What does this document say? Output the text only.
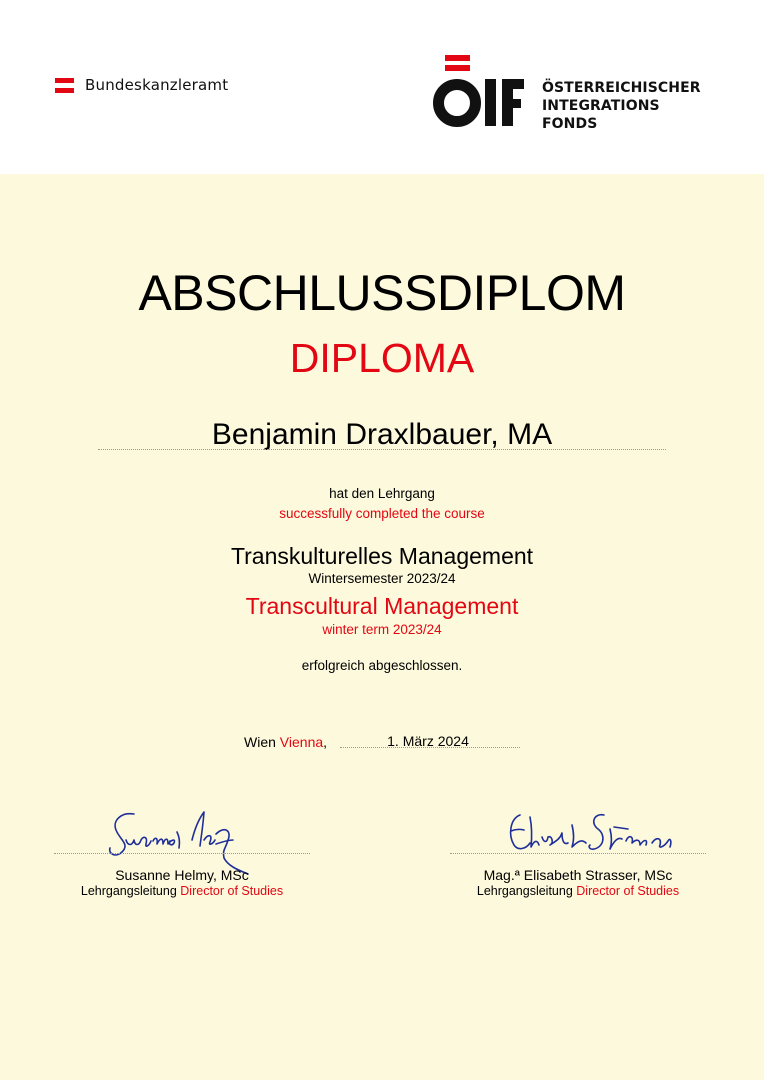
Bundeskanzleramt	ÖSTERREICHISCHER
INTEGRATIONS
FONDS
ABSCHLUSSDIPLOM
DIPLOMA
Benjamin Draxlbauer, MA
hat den Lehrgang
successfully completed the course
Transkulturelles Management
Wintersemester 2023/24
Transcultural Management
winter term 2023/24
erfolgreich abgeschlossen.
Wien Vienna,	1. März 2024
Susanne Helmy, MSc
Lehrgangsleitung Director of Studies
Mag.ª Elisabeth Strasser, MSc
Lehrgangsleitung Director of Studies
